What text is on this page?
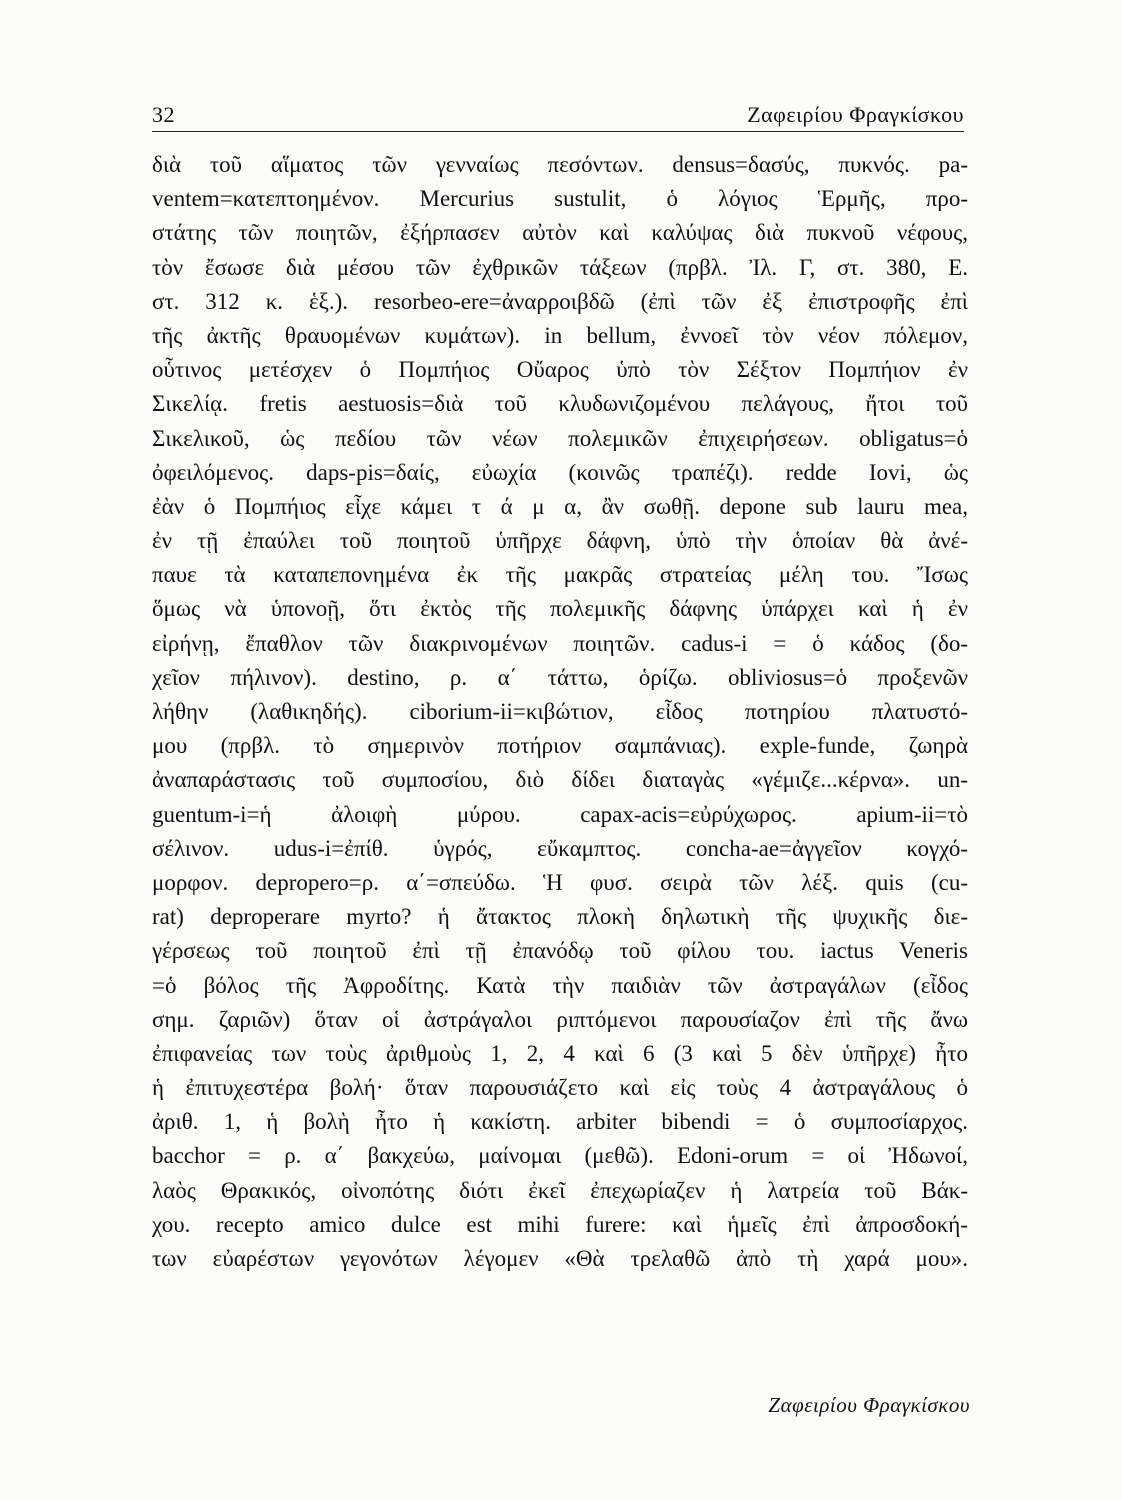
32	Ζαφειρίου Φραγκίσκου
διὰ τοῦ αἵματος τῶν γενναίως πεσόντων. densus=δασύς, πυκνός. pa-
ventem=κατεπτοημένον. Mercurius sustulit, ὁ λόγιος Ἑρμῆς, προ-
στάτης τῶν ποιητῶν, ἐξήρπασεν αὐτὸν καὶ καλύψας διὰ πυκνοῦ νέφους,
τὸν ἔσωσε διὰ μέσου τῶν ἐχθρικῶν τάξεων (πρβλ. Ἰλ. Γ, στ. 380, Ε.
στ. 312 κ. ἑξ.). resorbeo-ere=ἀναρροιβδῶ (ἐπὶ τῶν ἐξ ἐπιστροφῆς ἐπὶ
τῆς ἀκτῆς θραυομένων κυμάτων). in bellum, ἐννοεῖ τὸν νέον πόλεμον,
οὗτινος μετέσχεν ὁ Πομπήιος Οὔαρος ὑπὸ τὸν Σέξτον Πομπήιον ἐν
Σικελίᾳ. fretis aestuosis=διὰ τοῦ κλυδωνιζομένου πελάγους, ἤτοι τοῦ
Σικελικοῦ, ὡς πεδίου τῶν νέων πολεμικῶν ἐπιχειρήσεων. obligatus=ὁ
ὀφειλόμενος. daps-pis=δαίς, εὐωχία (κοινῶς τραπέζι). redde Iovi, ὡς
ἐὰν ὁ Πομπήιος εἶχε κάμει τ ά μ α, ἂν σωθῇ. depone sub lauru mea,
ἐν τῇ ἐπαύλει τοῦ ποιητοῦ ὑπῆρχε δάφνη, ὑπὸ τὴν ὁποίαν θὰ ἀνέ-
παυε τὰ καταπεπονημένα ἐκ τῆς μακρᾶς στρατείας μέλη του. Ἴσως
ὅμως νὰ ὑπονοῇ, ὅτι ἐκτὸς τῆς πολεμικῆς δάφνης ὑπάρχει καὶ ἡ ἐν
εἰρήνῃ, ἔπαθλον τῶν διακρινομένων ποιητῶν. cadus-i = ὁ κάδος (δο-
χεῖον πήλινον). destino, ρ. α΄ τάττω, ὁρίζω. obliviosus=ὁ προξενῶν
λήθην (λαθικηδής). ciborium-ii=κιβώτιον, εἶδος ποτηρίου πλατυστό-
μου (πρβλ. τὸ σημερινὸν ποτήριον σαμπάνιας). exple-funde, ζωηρὰ
ἀναπαράστασις τοῦ συμποσίου, διὸ δίδει διαταγὰς «γέμιζε...κέρνα». un-
guentum-i=ἡ ἀλοιφὴ μύρου. capax-acis=εὐρύχωρος. apium-ii=τὸ
σέλινον. udus-i=ἐπίθ. ὑγρός, εὔκαμπτος. concha-ae=ἀγγεῖον κογχό-
μορφον. depropero=ρ. α΄=σπεύδω. Ἡ φυσ. σειρὰ τῶν λέξ. quis (cu-
rat) deproperare myrto? ἡ ἄτακτος πλοκὴ δηλωτικὴ τῆς ψυχικῆς διε-
γέρσεως τοῦ ποιητοῦ ἐπὶ τῇ ἐπανόδῳ τοῦ φίλου του. iactus Veneris
=ὁ βόλος τῆς Ἀφροδίτης. Κατὰ τὴν παιδιὰν τῶν ἀστραγάλων (εἶδος
σημ. ζαριῶν) ὅταν οἱ ἀστράγαλοι ριπτόμενοι παρουσίαζον ἐπὶ τῆς ἄνω
ἐπιφανείας των τοὺς ἀριθμοὺς 1, 2, 4 καὶ 6 (3 καὶ 5 δὲν ὑπῆρχε) ἦτο
ἡ ἐπιτυχεστέρα βολή· ὅταν παρουσιάζετο καὶ εἰς τοὺς 4 ἀστραγάλους ὁ
ἀριθ. 1, ἡ βολὴ ἦτο ἡ κακίστη. arbiter bibendi = ὁ συμποσίαρχος.
bacchor = ρ. α΄ βακχεύω, μαίνομαι (μεθῶ). Edoni-orum = οἱ Ἠδωνοί,
λαὸς Θρακικός, οἰνοπότης διότι ἐκεῖ ἐπεχωρίαζεν ἡ λατρεία τοῦ Βάκ-
χου. recepto amico dulce est mihi furere: καὶ ἡμεῖς ἐπὶ ἀπροσδοκή-
των εὐαρέστων γεγονότων λέγομεν «Θὰ τρελαθῶ ἀπὸ τὴ χαρά μου».
Ζαφειρίου Φραγκίσκου
